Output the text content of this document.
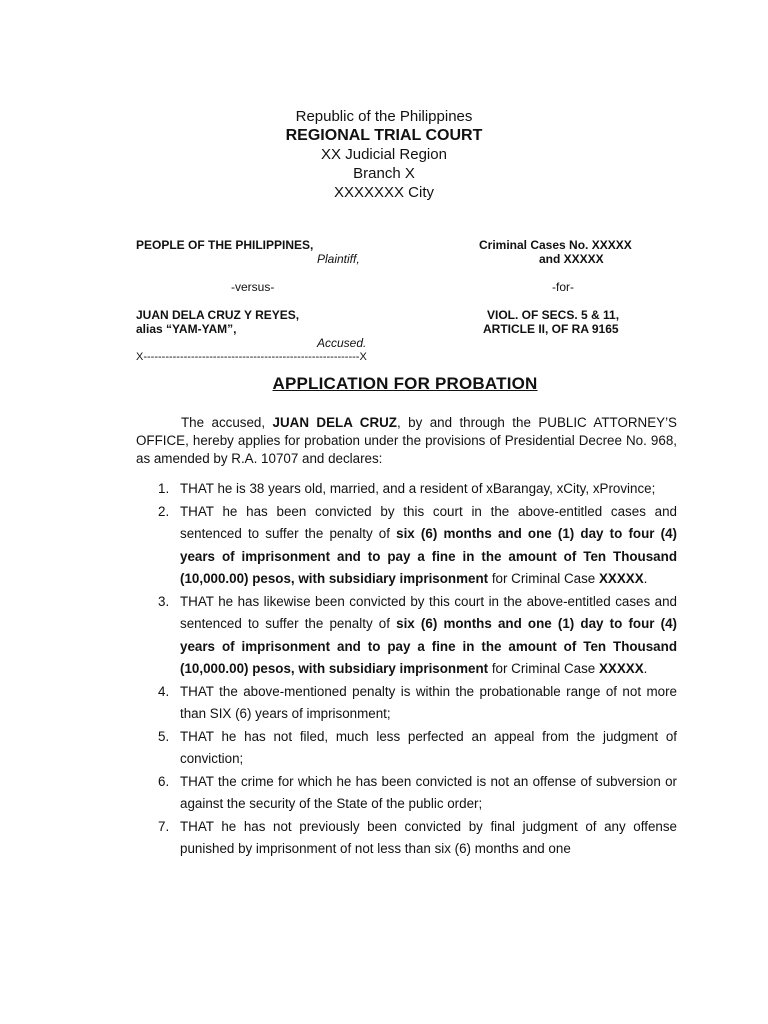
Republic of the Philippines
REGIONAL TRIAL COURT
XX Judicial Region
Branch X
XXXXXXX City
PEOPLE OF THE PHILIPPINES,
Plaintiff,
-versus-
JUAN DELA CRUZ Y REYES,
alias “YAM-YAM”,
Accused.
X-----------------------------------------------------------X
Criminal Cases No. XXXXX
and XXXXX
-for-
VIOL. OF SECS. 5 & 11,
ARTICLE II, OF RA 9165
APPLICATION FOR PROBATION
The accused, JUAN DELA CRUZ, by and through the PUBLIC ATTORNEY’S OFFICE, hereby applies for probation under the provisions of Presidential Decree No. 968, as amended by R.A. 10707 and declares:
1. THAT he is 38 years old, married, and a resident of xBarangay, xCity, xProvince;
2. THAT he has been convicted by this court in the above-entitled cases and sentenced to suffer the penalty of six (6) months and one (1) day to four (4) years of imprisonment and to pay a fine in the amount of Ten Thousand (10,000.00) pesos, with subsidiary imprisonment for Criminal Case XXXXX.
3. THAT he has likewise been convicted by this court in the above-entitled cases and sentenced to suffer the penalty of six (6) months and one (1) day to four (4) years of imprisonment and to pay a fine in the amount of Ten Thousand (10,000.00) pesos, with subsidiary imprisonment for Criminal Case XXXXX.
4. THAT the above-mentioned penalty is within the probationable range of not more than SIX (6) years of imprisonment;
5. THAT he has not filed, much less perfected an appeal from the judgment of conviction;
6. THAT the crime for which he has been convicted is not an offense of subversion or against the security of the State of the public order;
7. THAT he has not previously been convicted by final judgment of any offense punished by imprisonment of not less than six (6) months and one
